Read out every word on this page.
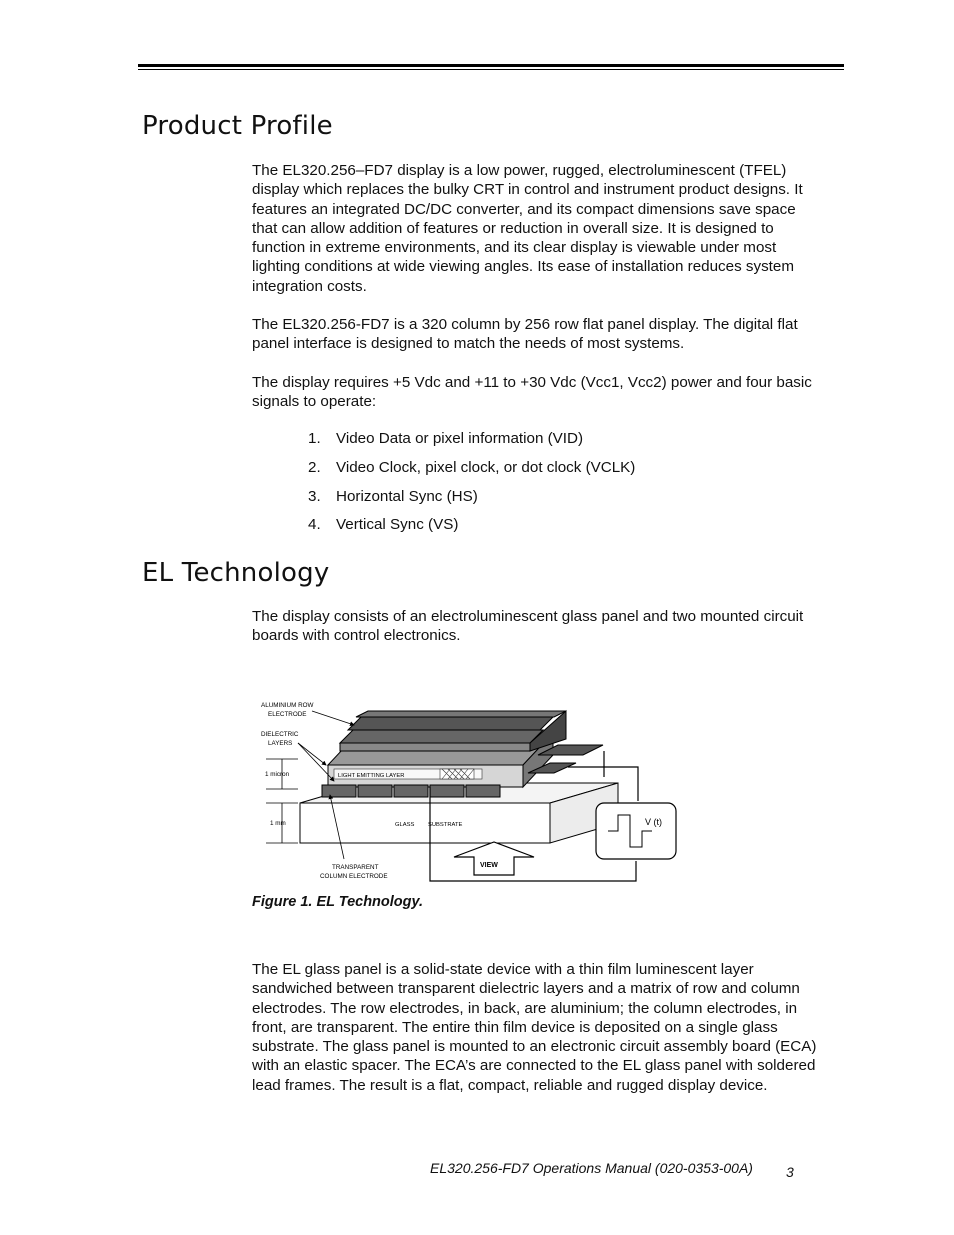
Product Profile

The EL320.256–FD7 display is a low power, rugged, electroluminescent (TFEL) display which replaces the bulky CRT in control and instrument product designs. It features an integrated DC/DC converter, and its compact dimensions save space that can allow addition of features or reduction in overall size. It is designed to function in extreme environments, and its clear display is viewable under most lighting conditions at wide viewing angles. Its ease of installation reduces system integration costs.

The EL320.256-FD7 is a 320 column by 256 row flat panel display. The digital flat panel interface is designed to match the needs of most systems.

The display requires +5 Vdc and +11 to +30 Vdc (Vcc1, Vcc2) power and four basic signals to operate:

1. Video Data or pixel information (VID)
2. Video Clock, pixel clock, or dot clock (VCLK)
3. Horizontal Sync (HS)
4. Vertical Sync (VS)
EL Technology

The display consists of an electroluminescent glass panel and two mounted circuit boards with control electronics.

V (t)
VIEW
ALUMINIUM ROW
ELECTRODE
DIELECTRIC
LAYERS
1 micron	LIGHT EMITTING LAYER
1 mm	GLASS SUBSTRATE
TRANSPARENT
COLUMN ELECTRODE

Figure 1. EL Technology.

The EL glass panel is a solid-state device with a thin film luminescent layer sandwiched between transparent dielectric layers and a matrix of row and column electrodes. The row electrodes, in back, are aluminium; the column electrodes, in front, are transparent. The entire thin film device is deposited on a single glass substrate. The glass panel is mounted to an electronic circuit assembly board (ECA) with an elastic spacer. The ECA’s are connected to the EL glass panel with soldered lead frames. The result is a flat, compact, reliable and rugged display device.

EL320.256-FD7 Operations Manual (020-0353-00A) 3
